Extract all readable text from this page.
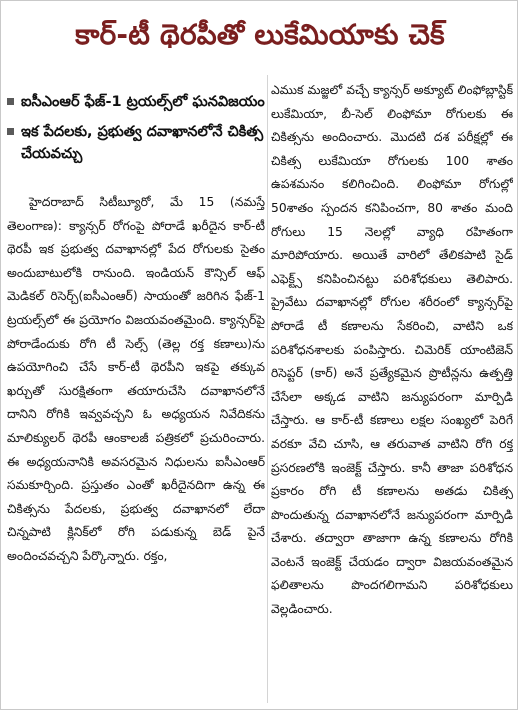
కార్‌-టీ థెరపీతో లుకేమియాకు చెక్‌
ఐసీఎంఆర్‌ ఫేజ్‌-1 ట్రయల్స్‌లో ఘనవిజయం
ఇక పేదలకు, ప్రభుత్వ దవాఖానలోనే చికిత్స చేయవచ్చు

హైదరాబాద్‌ సిటీబ్యూరో, మే 15 (నమస్తే తెలంగాణ): క్యాన్సర్‌ రోగంపై పోరాడే ఖరీదైన కార్‌-టీ థెరపీ ఇక ప్రభుత్వ దవాఖానల్లో పేద రోగులకు సైతం అందుబాటులోకి రానుంది. ఇండియన్‌ కౌన్సిల్‌ ఆఫ్‌ మెడికల్‌ రిసెర్చ్‌(ఐసీఎంఆర్‌) సాయంతో జరిగిన ఫేజ్‌-1 ట్రయల్స్‌లో ఈ ప్రయోగం విజయవంతమైంది. క్యాన్సర్‌పై పోరాడేందుకు రోగి టీ సెల్స్‌ (తెల్ల రక్త కణాలు)ను ఉపయోగించి చేసే కార్‌-టీ థెరపీని ఇకపై తక్కువ ఖర్చుతో సురక్షితంగా తయారుచేసి దవాఖానలోనే దానిని రోగికి ఇవ్వవచ్చని ఓ అధ్యయన నివేదికను మాలిక్యులర్‌ థెరపీ ఆంకాలజీ పత్రికలో ప్రచురించారు. ఈ అధ్యయనానికి అవసరమైన నిధులను ఐసీఎంఆర్‌ సమకూర్చింది. ప్రస్తుతం ఎంతో ఖరీదైనదిగా ఉన్న ఈ చికిత్సను పేదలకు, ప్రభుత్వ దవాఖానలో లేదా చిన్నపాటి క్లినిక్‌లో రోగి పడుకున్న బెడ్‌ పైనే అందించవచ్చని పేర్కొన్నారు. రక్తం,

ఎముక మజ్జలో వచ్చే క్యాన్సర్‌ అక్యూట్‌ లింఫోబ్లాస్టిక్‌ లుకేమియా, బీ-సెల్‌ లింఫోమా రోగులకు ఈ చికిత్సను అందించారు. మొదటి దశ పరీక్షల్లో ఈ చికిత్స లుకేమియా రోగులకు 100 శాతం ఉపశమనం కలిగించింది. లింఫోమా రోగుల్లో 50శాతం స్పందన కనిపించగా, 80 శాతం మంది రోగులు 15 నెలల్లో వ్యాధి రహితంగా మారిపోయారు. అయితే వారిలో తేలికపాటి సైడ్‌ ఎఫెక్ట్స్‌ కనిపించినట్టు పరిశోధకులు తెలిపారు. ప్రైవేటు దవాఖానల్లో రోగుల శరీరంలో క్యాన్సర్‌పై పోరాడే టీ కణాలను సేకరించి, వాటిని ఒక పరిశోధనశాలకు పంపిస్తారు. చిమెరిక్‌ యాంటిజెన్‌ రిసెప్టర్‌ (కార్‌) అనే ప్రత్యేకమైన ప్రొటీన్లను ఉత్పత్తి చేసేలా అక్కడ వాటిని జన్యుపరంగా మార్పిడి చేస్తారు. ఆ కార్‌-టీ కణాలు లక్షల సంఖ్యలో పెరిగే వరకూ వేచి చూసి, ఆ తరువాత వాటిని రోగి రక్త ప్రసరణలోకి ఇంజెక్ట్‌ చేస్తారు. కానీ తాజా పరిశోధన ప్రకారం రోగి టీ కణాలను అతడు చికిత్స పొందుతున్న దవాఖానలోనే జన్యుపరంగా మార్పిడి చేశారు. తద్వారా తాజాగా ఉన్న కణాలను రోగికి వెంటనే ఇంజెక్ట్‌ చేయడం ద్వారా విజయవంతమైన ఫలితాలను పొందగలిగామని పరిశోధకులు వెల్లడించారు.
